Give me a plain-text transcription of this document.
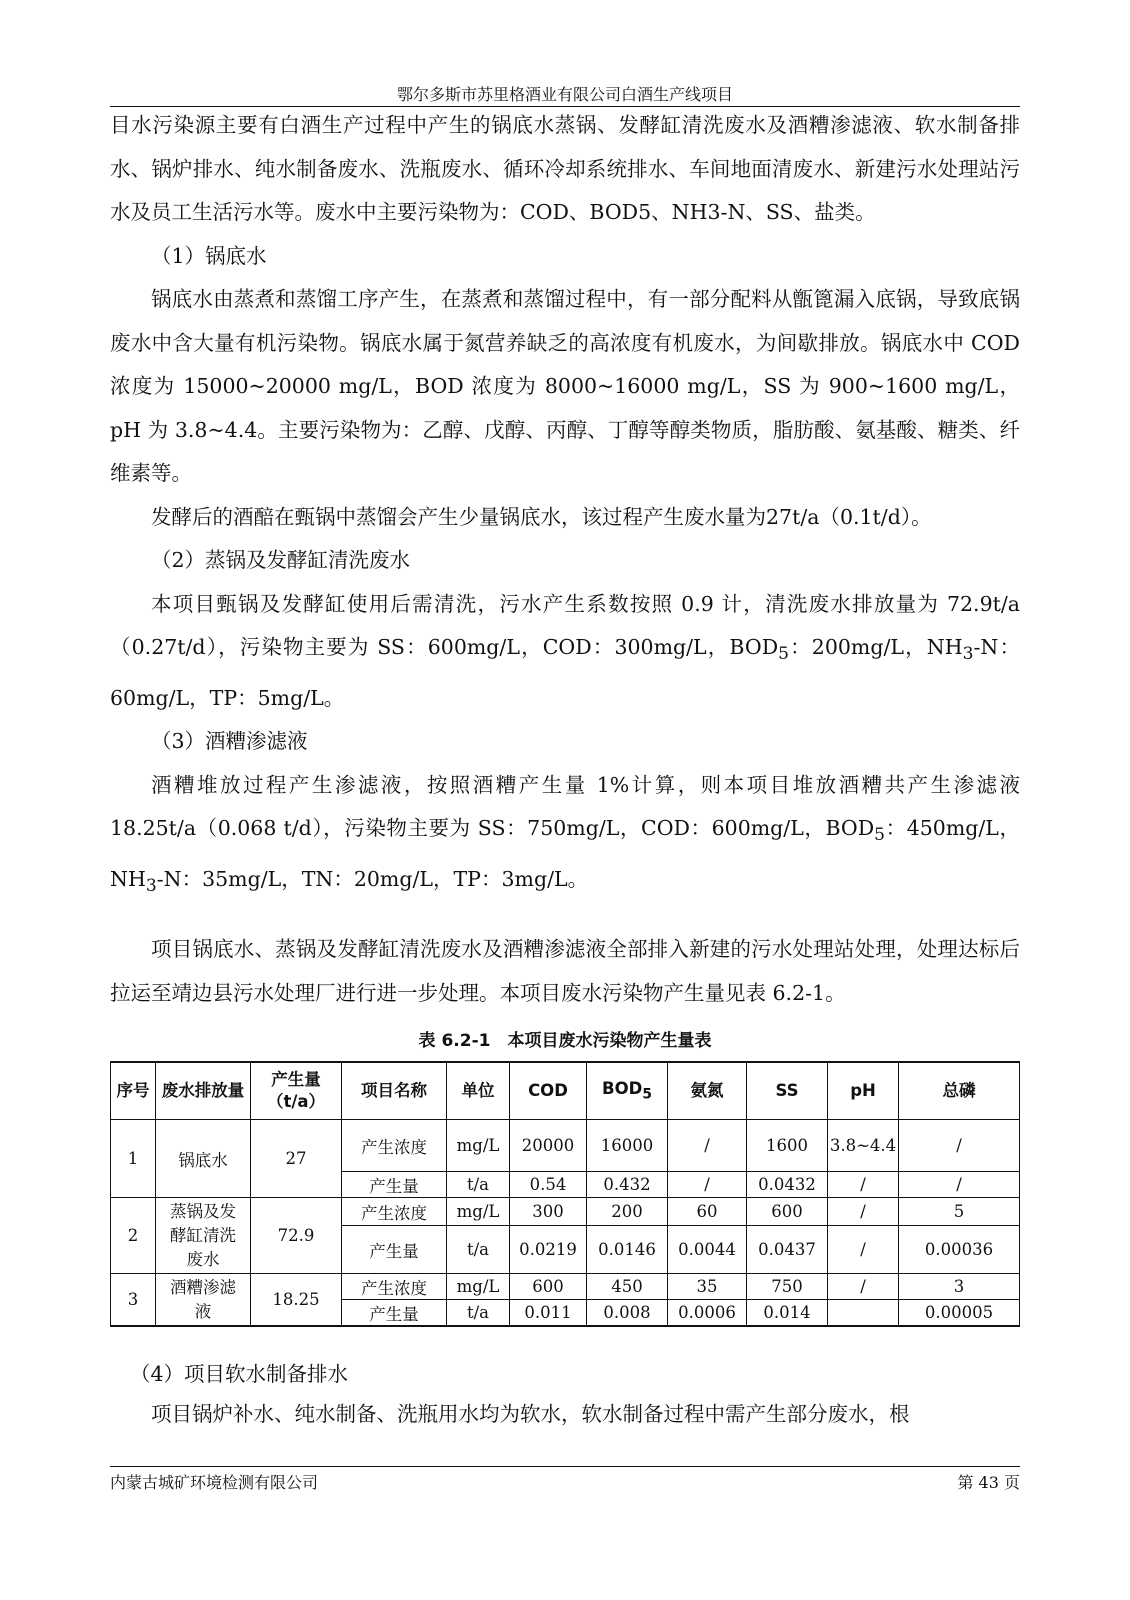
鄂尔多斯市苏里格酒业有限公司白酒生产线项目

目水污染源主要有白酒生产过程中产生的锅底水蒸锅、发酵缸清洗废水及酒糟渗滤液、软水制备排水、锅炉排水、纯水制备废水、洗瓶废水、循环冷却系统排水、车间地面清废水、新建污水处理站污水及员工生活污水等。废水中主要污染物为：COD、BOD5、NH3-N、SS、盐类。

（1）锅底水

锅底水由蒸煮和蒸馏工序产生，在蒸煮和蒸馏过程中，有一部分配料从甑篦漏入底锅，导致底锅废水中含大量有机污染物。锅底水属于氮营养缺乏的高浓度有机废水，为间歇排放。锅底水中 COD 浓度为 15000~20000 mg/L，BOD 浓度为 8000~16000 mg/L，SS 为 900~1600 mg/L，pH 为 3.8~4.4。主要污染物为：乙醇、戊醇、丙醇、丁醇等醇类物质，脂肪酸、氨基酸、糖类、纤维素等。

发酵后的酒醅在甄锅中蒸馏会产生少量锅底水，该过程产生废水量为27t/a（0.1t/d）。

（2）蒸锅及发酵缸清洗废水

本项目甄锅及发酵缸使用后需清洗，污水产生系数按照 0.9 计，清洗废水排放量为 72.9t/a（0.27t/d），污染物主要为 SS：600mg/L，COD：300mg/L，$BOD_5$：200mg/L，$NH_3-N$：60mg/L，TP：5mg/L。

（3）酒糟渗滤液

酒糟堆放过程产生渗滤液，按照酒糟产生量 1%计算，则本项目堆放酒糟共产生渗滤液 18.25t/a（0.068 t/d），污染物主要为 SS：750mg/L，COD：600mg/L，$BOD_5$：450mg/L，$NH_3-N$：35mg/L，TN：20mg/L，TP：3mg/L。

项目锅底水、蒸锅及发酵缸清洗废水及酒糟渗滤液全部排入新建的污水处理站处理，处理达标后拉运至靖边县污水处理厂进行进一步处理。本项目废水污染物产生量见表 6.2-1。

表 6.2-1　本项目废水污染物产生量表
序号	废水排放量	产生量（t/a）	项目名称	单位	COD	$BOD_5$	氨氮	SS	pH	总磷
1	锅底水	27	产生浓度	mg/L	20000	16000	/	1600	3.8~4.4	/
			产生量	t/a	0.54	0.432	/	0.0432	/	/
2	蒸锅及发酵缸清洗废水	72.9	产生浓度	mg/L	300	200	60	600	/	5
			产生量	t/a	0.0219	0.0146	0.0044	0.0437	/	0.00036
3	酒糟渗滤液	18.25	产生浓度	mg/L	600	450	35	750	/	3
			产生量	t/a	0.011	0.008	0.0006	0.014		0.00005

（4）项目软水制备排水

项目锅炉补水、纯水制备、洗瓶用水均为软水，软水制备过程中需产生部分废水，根

内蒙古城矿环境检测有限公司	第 43 页
